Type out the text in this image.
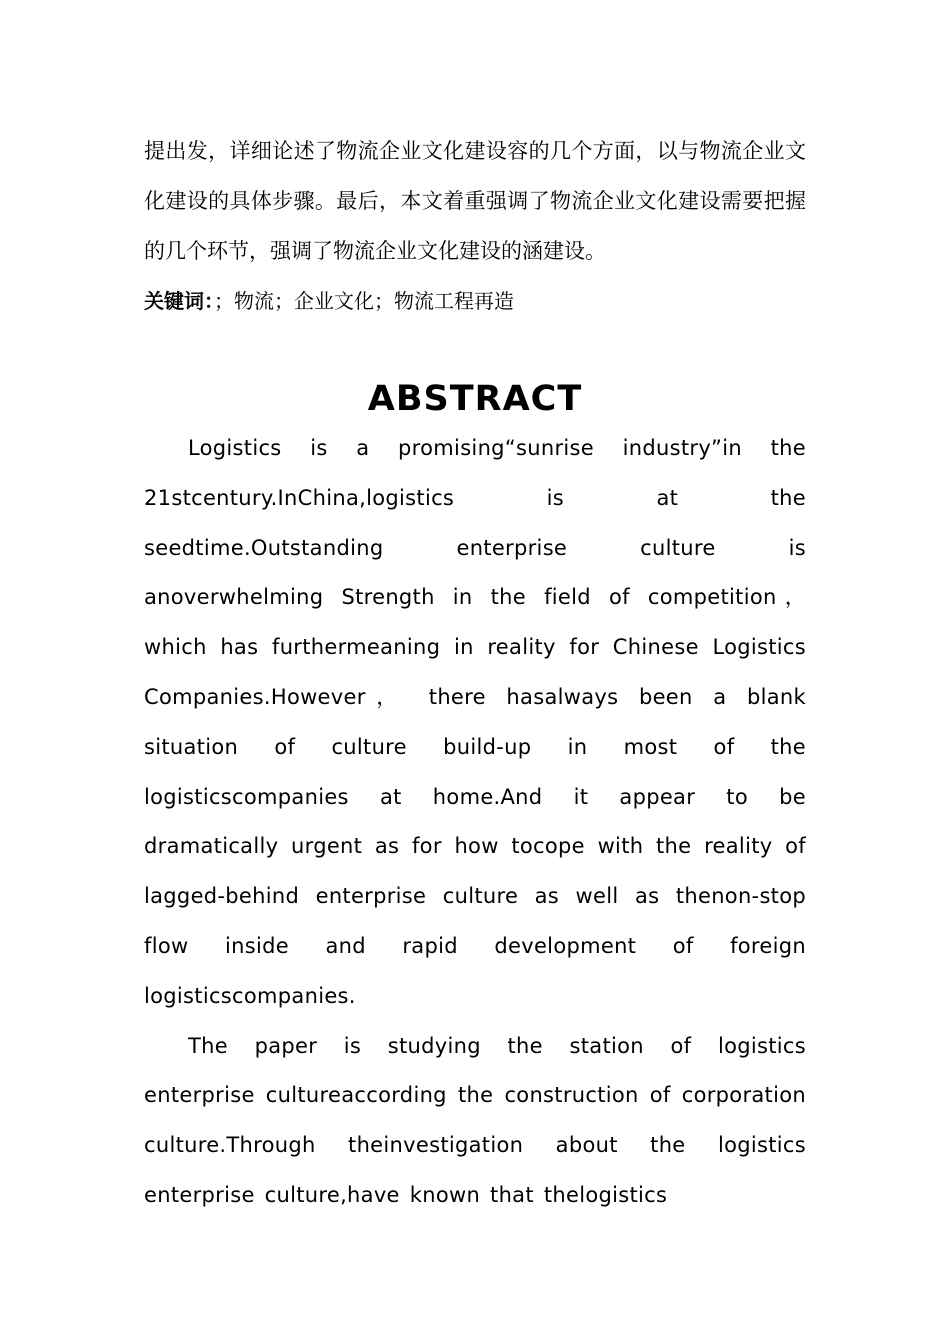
提出发，详细论述了物流企业文化建设容的几个方面，以与物流企业文化建设的具体步骤。最后，本文着重强调了物流企业文化建设需要把握的几个环节，强调了物流企业文化建设的涵建设。

关键词：；物流；企业文化；物流工程再造

ABSTRACT

Logistics is a promising“sunrise industry”in the 21stcentury.InChina,logistics is at the seedtime.Outstanding enterprise culture is anoverwhelming Strength in the field of competition， which has furthermeaning in reality for Chinese Logistics Companies.However， there hasalways been a blank situation of culture build-up in most of the logisticscompanies at home.And it appear to be dramatically urgent as for how tocope with the reality of lagged-behind enterprise culture as well as thenon-stop flow inside and rapid development of foreign logisticscompanies.

The paper is studying the station of logistics enterprise cultureaccording the construction of corporation culture.Through theinvestigation about the logistics enterprise culture,have known that thelogistics
